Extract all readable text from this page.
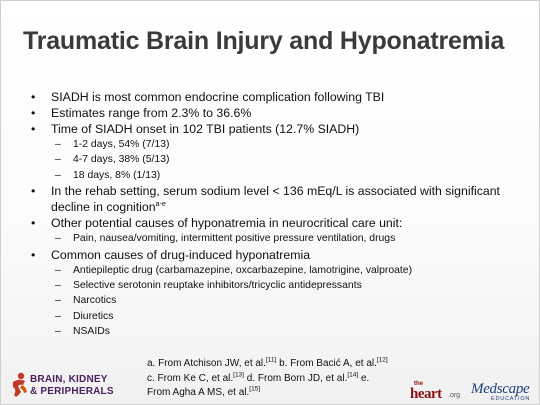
Traumatic Brain Injury and Hyponatremia
• SIADH is most common endocrine complication following TBI
• Estimates range from 2.3% to 36.6%
• Time of SIADH onset in 102 TBI patients (12.7% SIADH)
– 1-2 days, 54% (7/13)
– 4-7 days, 38% (5/13)
– 18 days, 8% (1/13)
• In the rehab setting, serum sodium level < 136 mEq/L is associated with significant decline in cognition$^{a-e}$
• Other potential causes of hyponatremia in neurocritical care unit:
– Pain, nausea/vomiting, intermittent positive pressure ventilation, drugs
• Common causes of drug-induced hyponatremia
– Antiepileptic drug (carbamazepine, oxcarbazepine, lamotrigine, valproate)
– Selective serotonin reuptake inhibitors/tricyclic antidepressants
– Narcotics
– Diuretics
– NSAIDs
a. From Atchison JW, et al.[11] b. From Bacić A, et al.[12] c. From Ke C, et al.[13] d. From Born JD, et al.[14] e. From Agha A MS, et al.[15]
BRAIN, KIDNEY
& PERIPHERALS
the
heart .org Medscape
EDUCATION
